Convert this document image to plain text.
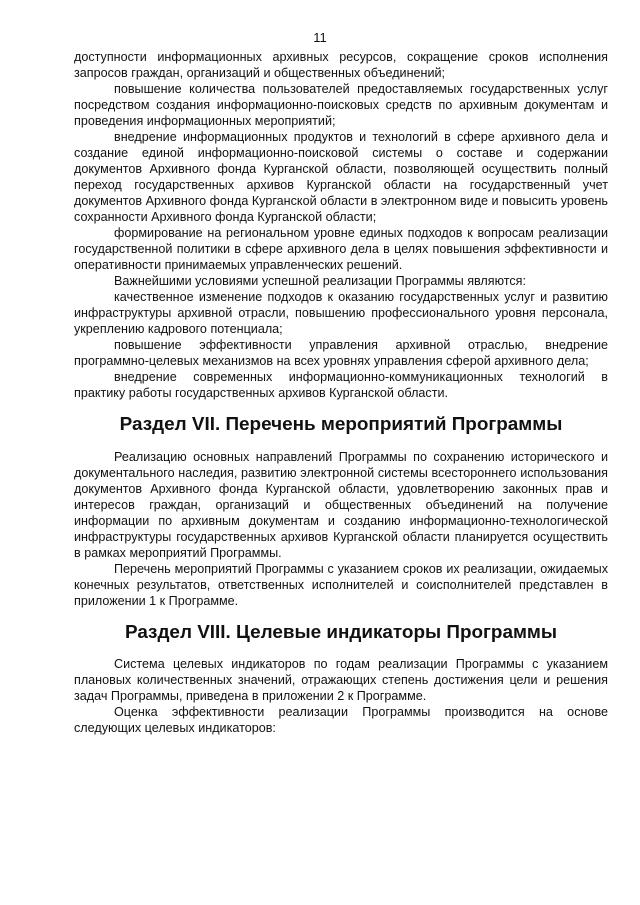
11

доступности информационных архивных ресурсов, сокращение сроков исполнения запросов граждан, организаций и общественных объединений;

повышение количества пользователей предоставляемых государственных услуг посредством создания информационно-поисковых средств по архивным документам и проведения информационных мероприятий;

внедрение информационных продуктов и технологий в сфере архивного дела и создание единой информационно-поисковой системы о составе и содержании документов Архивного фонда Курганской области, позволяющей осуществить полный переход государственных архивов Курганской области на государственный учет документов Архивного фонда Курганской области в электронном виде и повысить уровень сохранности Архивного фонда Курганской области;

формирование на региональном уровне единых подходов к вопросам реализации государственной политики в сфере архивного дела в целях повышения эффективности и оперативности принимаемых управленческих решений.

Важнейшими условиями успешной реализации Программы являются:

качественное изменение подходов к оказанию государственных услуг и развитию инфраструктуры архивной отрасли, повышению профессионального уровня персонала, укреплению кадрового потенциала;

повышение эффективности управления архивной отраслью, внедрение программно-целевых механизмов на всех уровнях управления сферой архивного дела;

внедрение современных информационно-коммуникационных технологий в практику работы государственных архивов Курганской области.

Раздел VII. Перечень мероприятий Программы

Реализацию основных направлений Программы по сохранению исторического и документального наследия, развитию электронной системы всестороннего использования документов Архивного фонда Курганской области, удовлетворению законных прав и интересов граждан, организаций и общественных объединений на получение информации по архивным документам и созданию информационно-технологической инфраструктуры государственных архивов Курганской области планируется осуществить в рамках мероприятий Программы.

Перечень мероприятий Программы с указанием сроков их реализации, ожидаемых конечных результатов, ответственных исполнителей и соисполнителей представлен в приложении 1 к Программе.

Раздел VIII. Целевые индикаторы Программы

Система целевых индикаторов по годам реализации Программы с указанием плановых количественных значений, отражающих степень достижения цели и решения задач Программы, приведена в приложении 2 к Программе.

Оценка эффективности реализации Программы производится на основе следующих целевых индикаторов:
